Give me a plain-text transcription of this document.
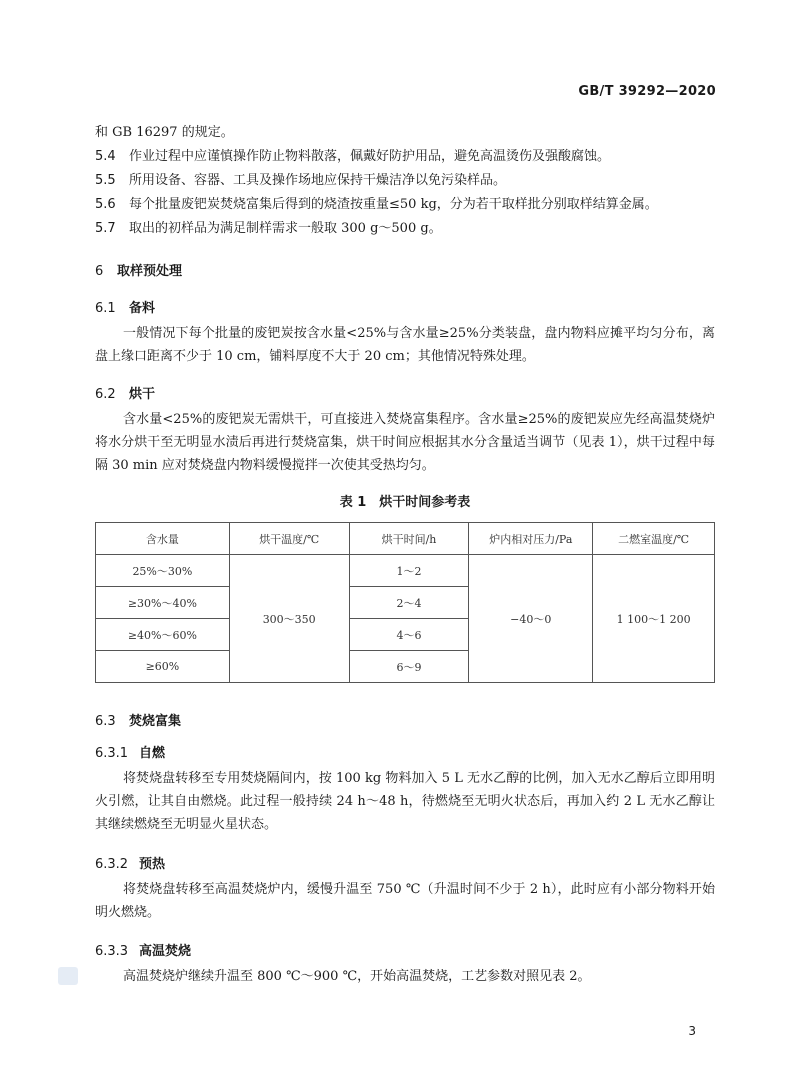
GB/T 39292—2020
和 GB 16297 的规定。
5.4 作业过程中应谨慎操作防止物料散落，佩戴好防护用品，避免高温烫伤及强酸腐蚀。
5.5 所用设备、容器、工具及操作场地应保持干燥洁净以免污染样品。
5.6 每个批量废钯炭焚烧富集后得到的烧渣按重量≤50 kg，分为若干取样批分别取样结算金属。
5.7 取出的初样品为满足制样需求一般取 300 g～500 g。
6 取样预处理
6.1 备料
一般情况下每个批量的废钯炭按含水量<25%与含水量≥25%分类装盘，盘内物料应摊平均匀分布，离盘上缘口距离不少于 10 cm，铺料厚度不大于 20 cm；其他情况特殊处理。
6.2 烘干
含水量<25%的废钯炭无需烘干，可直接进入焚烧富集程序。含水量≥25%的废钯炭应先经高温焚烧炉将水分烘干至无明显水渍后再进行焚烧富集，烘干时间应根据其水分含量适当调节（见表 1），烘干过程中每隔 30 min 应对焚烧盘内物料缓慢搅拌一次使其受热均匀。
表 1　烘干时间参考表
含水量	烘干温度/℃	烘干时间/h	炉内相对压力/Pa	二燃室温度/℃
25%～30%	300～350	1～2	−40～0	1 100～1 200
≥30%～40%		2～4		
≥40%～60%		4～6		
≥60%		6～9		
6.3 焚烧富集
6.3.1 自燃
将焚烧盘转移至专用焚烧隔间内，按 100 kg 物料加入 5 L 无水乙醇的比例，加入无水乙醇后立即用明火引燃，让其自由燃烧。此过程一般持续 24 h～48 h，待燃烧至无明火状态后，再加入约 2 L 无水乙醇让其继续燃烧至无明显火星状态。
6.3.2 预热
将焚烧盘转移至高温焚烧炉内，缓慢升温至 750 ℃（升温时间不少于 2 h），此时应有小部分物料开始明火燃烧。
6.3.3 高温焚烧
高温焚烧炉继续升温至 800 ℃～900 ℃，开始高温焚烧，工艺参数对照见表 2。
3
